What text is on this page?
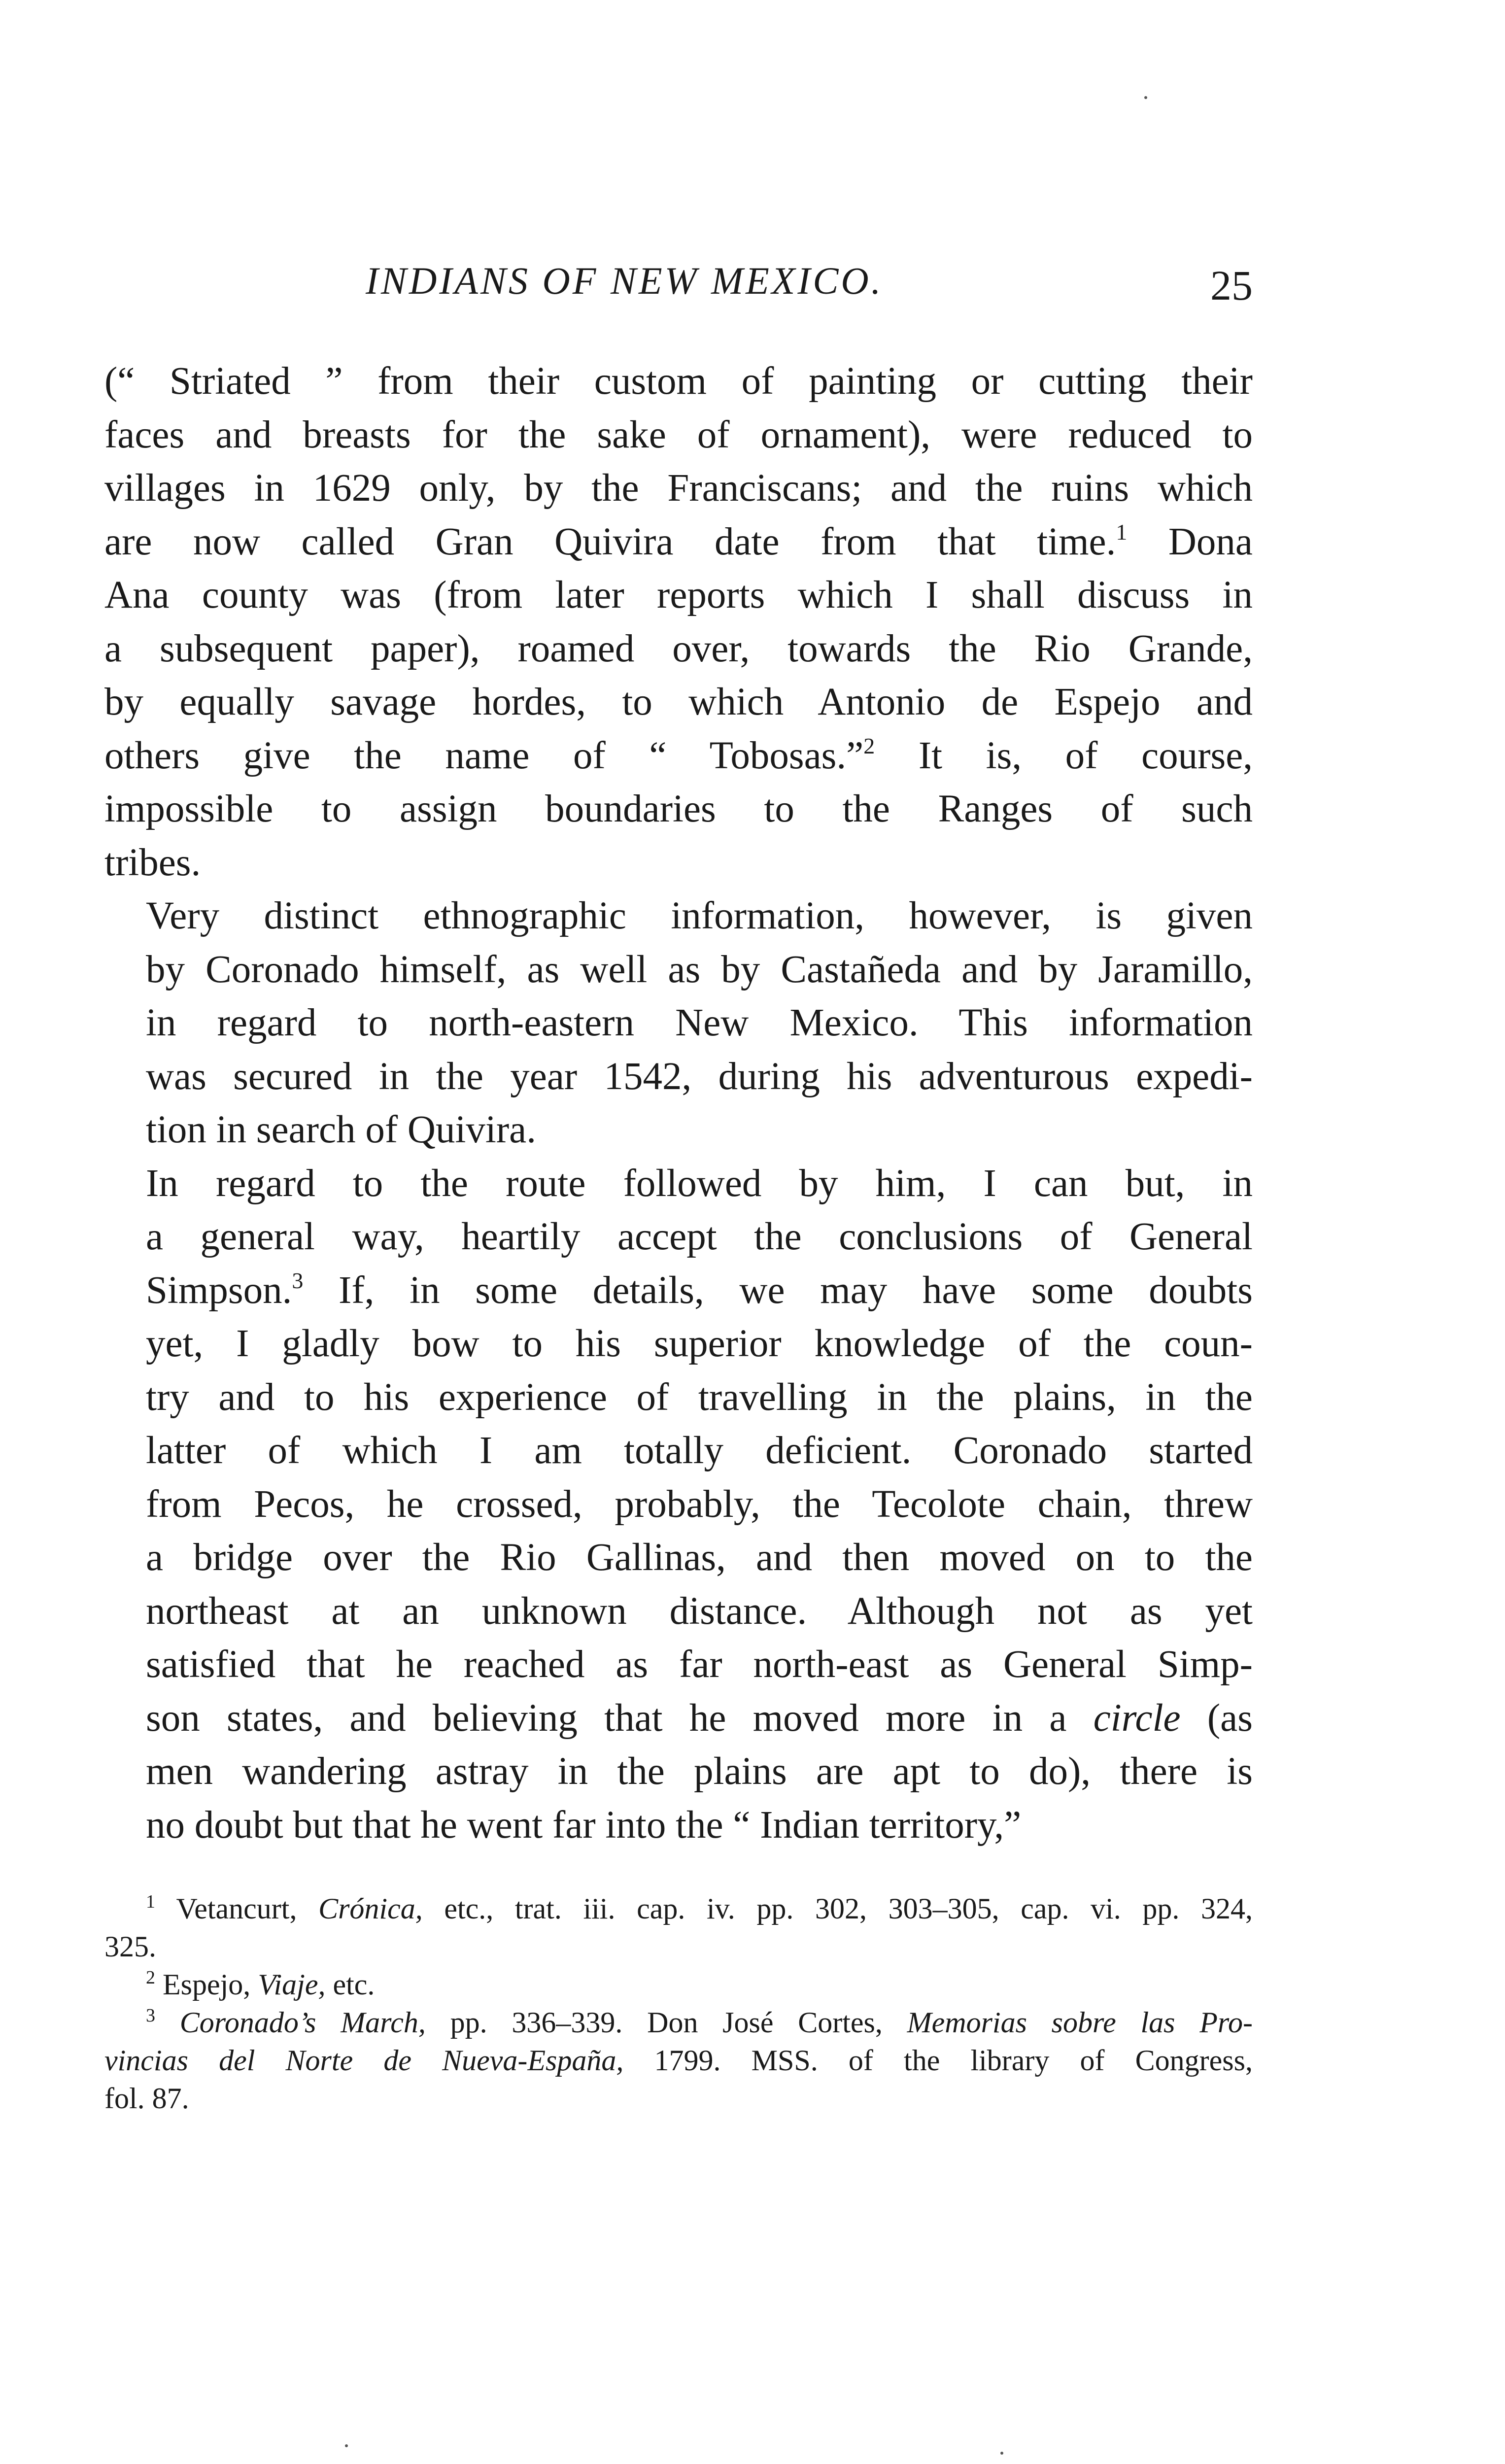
INDIANS OF NEW MEXICO.	25

(“ Striated ” from their custom of painting or cutting their
faces and breasts for the sake of ornament), were reduced to
villages in 1629 only, by the Franciscans; and the ruins which
are now called Gran Quivira date from that time.$^1$ Dona
Ana county was (from later reports which I shall discuss in
a subsequent paper), roamed over, towards the Rio Grande,
by equally savage hordes, to which Antonio de Espejo and
others give the name of “ Tobosas.”$^2$ It is, of course,
impossible to assign boundaries to the Ranges of such
tribes.

Very distinct ethnographic information, however, is given
by Coronado himself, as well as by Castañeda and by Jaramillo,
in regard to north-eastern New Mexico. This information
was secured in the year 1542, during his adventurous expedi-
tion in search of Quivira.

In regard to the route followed by him, I can but, in
a general way, heartily accept the conclusions of General
Simpson.$^3$ If, in some details, we may have some doubts
yet, I gladly bow to his superior knowledge of the coun-
try and to his experience of travelling in the plains, in the
latter of which I am totally deficient. Coronado started
from Pecos, he crossed, probably, the Tecolote chain, threw
a bridge over the Rio Gallinas, and then moved on to the
northeast at an unknown distance. Although not as yet
satisfied that he reached as far north-east as General Simp-
son states, and believing that he moved more in a circle (as
men wandering astray in the plains are apt to do), there is
no doubt but that he went far into the “ Indian territory,”

$^1$ Vetancurt, Crónica, etc., trat. iii. cap. iv. pp. 302, 303–305, cap. vi. pp. 324,
325.

$^2$ Espejo, Viaje, etc.

$^3$ Coronado’s March, pp. 336–339. Don José Cortes, Memorias sobre las Pro-
vincias del Norte de Nueva-España, 1799. MSS. of the library of Congress,
fol. 87.
